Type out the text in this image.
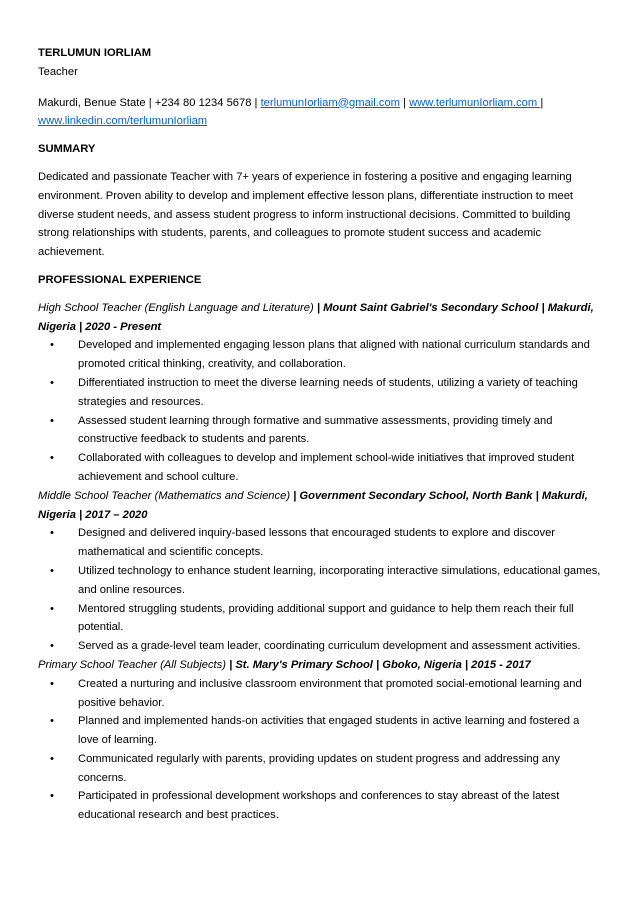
TERLUMUN IORLIAM

Teacher

Makurdi, Benue State | +234 80 1234 5678 | terlumunIorliam@gmail.com | www.terlumunIorliam.com |
www.linkedin.com/terlumunIorliam

SUMMARY

Dedicated and passionate Teacher with 7+ years of experience in fostering a positive and engaging learning environment. Proven ability to develop and implement effective lesson plans, differentiate instruction to meet diverse student needs, and assess student progress to inform instructional decisions. Committed to building strong relationships with students, parents, and colleagues to promote student success and academic achievement.

PROFESSIONAL EXPERIENCE

High School Teacher (English Language and Literature) | Mount Saint Gabriel's Secondary School | Makurdi, Nigeria | 2020 - Present

• Developed and implemented engaging lesson plans that aligned with national curriculum standards and promoted critical thinking, creativity, and collaboration.
• Differentiated instruction to meet the diverse learning needs of students, utilizing a variety of teaching strategies and resources.
• Assessed student learning through formative and summative assessments, providing timely and constructive feedback to students and parents.
• Collaborated with colleagues to develop and implement school-wide initiatives that improved student achievement and school culture.

Middle School Teacher (Mathematics and Science) | Government Secondary School, North Bank | Makurdi, Nigeria | 2017 – 2020

• Designed and delivered inquiry-based lessons that encouraged students to explore and discover mathematical and scientific concepts.
• Utilized technology to enhance student learning, incorporating interactive simulations, educational games, and online resources.
• Mentored struggling students, providing additional support and guidance to help them reach their full potential.
• Served as a grade-level team leader, coordinating curriculum development and assessment activities.

Primary School Teacher (All Subjects) | St. Mary's Primary School | Gboko, Nigeria | 2015 - 2017

• Created a nurturing and inclusive classroom environment that promoted social-emotional learning and positive behavior.
• Planned and implemented hands-on activities that engaged students in active learning and fostered a love of learning.
• Communicated regularly with parents, providing updates on student progress and addressing any concerns.
• Participated in professional development workshops and conferences to stay abreast of the latest educational research and best practices.
